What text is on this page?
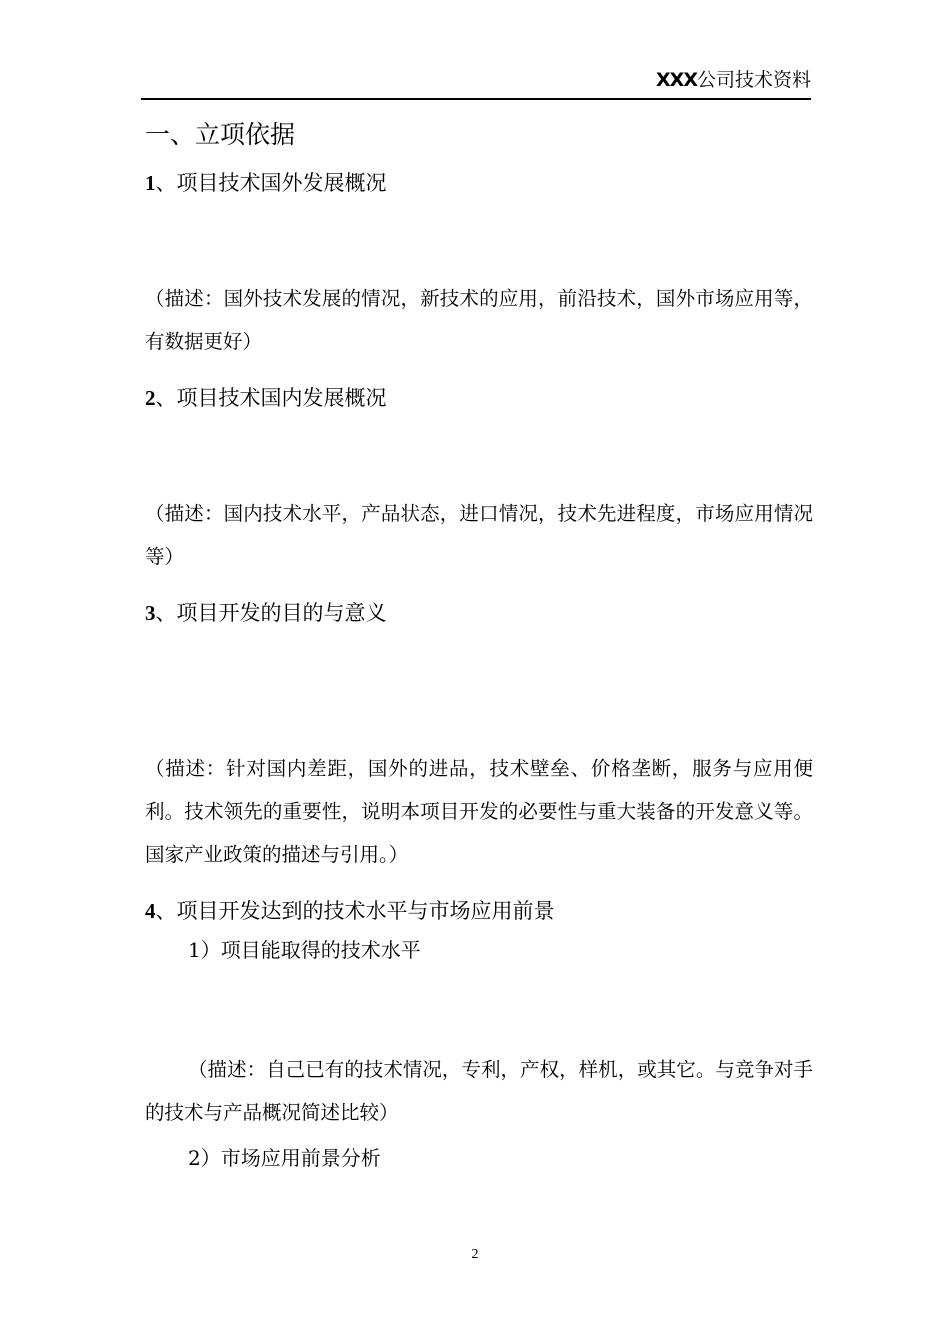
XXX公司技术资料
一、立项依据
1、项目技术国外发展概况
（描述：国外技术发展的情况，新技术的应用，前沿技术，国外市场应用等，有数据更好）
2、项目技术国内发展概况
（描述：国内技术水平，产品状态，进口情况，技术先进程度，市场应用情况等）
3、项目开发的目的与意义
（描述：针对国内差距，国外的进品，技术壁垒、价格垄断，服务与应用便利。技术领先的重要性，说明本项目开发的必要性与重大装备的开发意义等。国家产业政策的描述与引用。）
4、项目开发达到的技术水平与市场应用前景
1）项目能取得的技术水平
（描述：自己已有的技术情况，专利，产权，样机，或其它。与竞争对手的技术与产品概况简述比较）
2）市场应用前景分析
2
